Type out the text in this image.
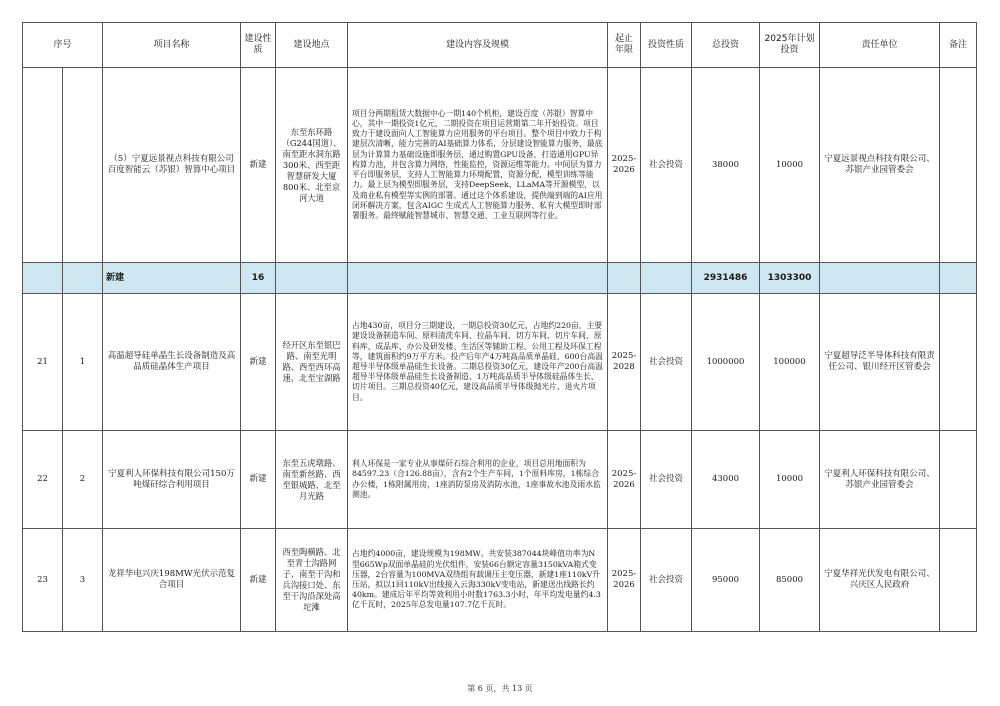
序号		项目名称	建设性质	建设地点	建设内容及规模	起止年限	投资性质	总投资	2025年计划投资	责任单位	备注
		（5）宁夏远景视点科技有限公司百度智能云（苏银）智算中心项目	新建	东至东环路（G244国道）、南至距水洞东路300米、西至距智慧研发大厦800米、北至京河大道	项目分两期租赁大数据中心一期140个机柜，建设百度（苏银）智算中心，其中一期投资1亿元，二期投资在项目运营期第二年开始投资。项目致力于建设面向人工智能算力应用服务的平台项目。整个项目中致力于构建层次清晰，能力完善的AI基础算力体系，分层建设智能算力服务，最底层为计算算力基础设施即服务层，通过购置GPU设备，打造通用GPU异构算力池，并包含算力网络，性能监控，资源运维等能力。中间层为算力平台即服务层，支持人工智能算力环境配置，资源分配，模型训练等能力。最上层为模型即服务层，支持DeepSeek、LLaMA等开源模型，以及商业私有模型等实例的部署。通过这个体系建设，提供端到端的AI应用闭环解决方案，包含AIGC 生成式人工智能算力服务、私有大模型即时部署服务。最终赋能智慧城市、智慧交通、工业互联网等行业。	2025-2026	社会投资	38000	10000	宁夏远景视点科技有限公司、苏银产业园管委会	
		新建	16					2931486	1303300		
21	1	高温超导硅单晶生长设备制造及高品质硅晶体生产项目	新建	经开区东至银巴路、南至光明路、西至西环高速、北至宝湖路	占地430亩，项目分三期建设，一期总投资30亿元，占地约220亩，主要建设设备制造车间、原料清洗车间、拉晶车间、切方车间、切片车间、原料库、成品库、办公及研发楼、生活区等辅助工程、公用工程及环保工程等，建筑面积约9万平方米。投产后年产4万吨高品质单晶硅、600台高温超导半导体级单晶硅生长设备。二期总投资30亿元，建设年产200台高温超导半导体级单晶硅生长设备制造、1万吨高品质半导体级硅晶体生长、切片项目。三期总投资40亿元，建设高品质半导体级抛光片、退火片项目。	2025-2028	社会投资	1000000	100000	宁夏超导泛半导体科技有限责任公司、银川经开区管委会	
22	2	宁夏利人环保科技有限公司150万吨煤矸综合利用项目	新建	东至五虎墩路、南至新丝路、西至银城路、北至月光路	利人环保是一家专业从事煤矸石综合利用的企业，项目总用地面积为84597.23（合126.88亩），含有2个生产车间，1个原料库房，1栋综合办公楼，1栋附属用房，1座消防泵房及消防水池，1座事故水池及雨水监测池。	2025-2026	社会投资	43000	10000	宁夏利人环保科技有限公司、苏银产业园管委会	
23	3	龙祥华电兴庆198MW光伏示范复合项目	新建	西至陶横路、北至青士沟路网子、南至干沟和兵沟接口处、东至干沟沿深处高坨滩	占地约4000亩，建设规模为198MW。共安装387044块峰值功率为N型665Wp双面单晶硅的光伏组件，安装66台额定容量3150kVA箱式变压器，2台容量为100MVA双绕组有载调压主变压器，新建1座110kV升压站，拟以1回110kV出线接入云海330kV变电站，新建送出线路长约40km。建成后年平均等效利用小时数1763.3小时，年平均发电量约4.3亿千瓦时，2025年总发电量107.7亿千瓦时。	2025-2026	社会投资	95000	85000	宁夏华祥光伏发电有限公司、兴庆区人民政府	
第 6 页，共 13 页
